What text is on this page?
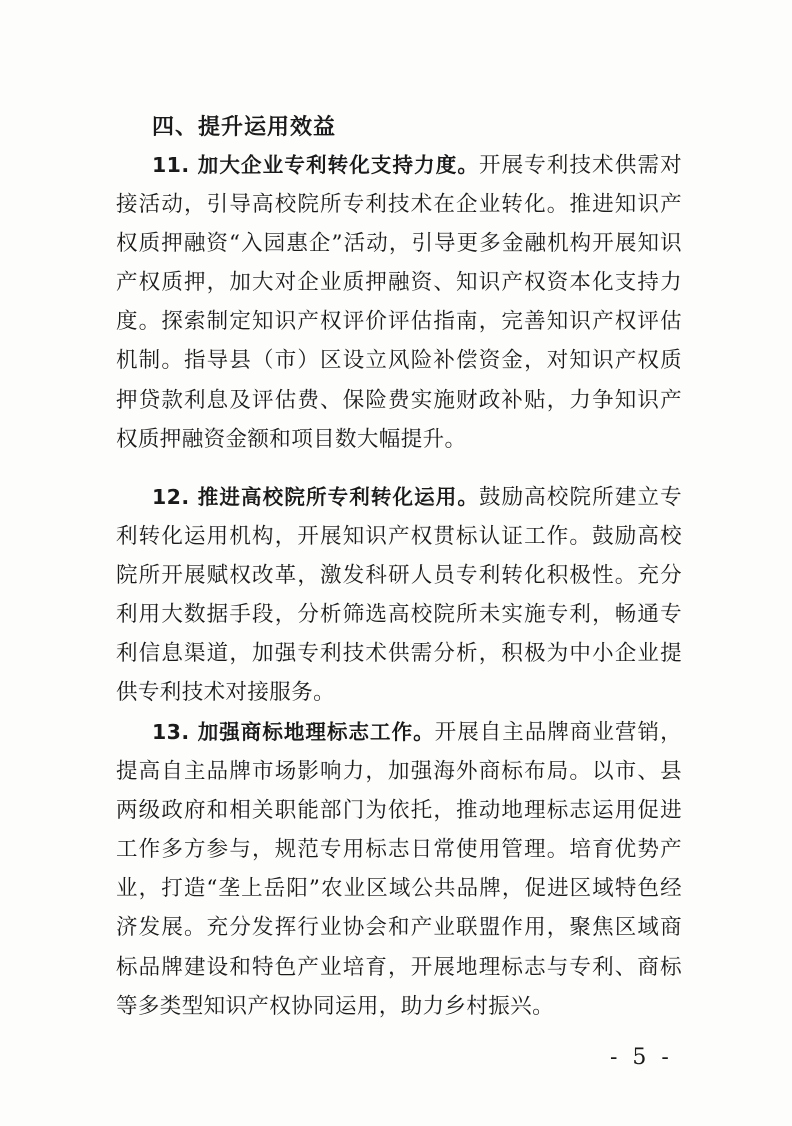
四、提升运用效益
11. 加大企业专利转化支持力度。开展专利技术供需对接活动，引导高校院所专利技术在企业转化。推进知识产权质押融资“入园惠企”活动，引导更多金融机构开展知识产权质押，加大对企业质押融资、知识产权资本化支持力度。探索制定知识产权评价评估指南，完善知识产权评估机制。指导县（市）区设立风险补偿资金，对知识产权质押贷款利息及评估费、保险费实施财政补贴，力争知识产权质押融资金额和项目数大幅提升。
12. 推进高校院所专利转化运用。鼓励高校院所建立专利转化运用机构，开展知识产权贯标认证工作。鼓励高校院所开展赋权改革，激发科研人员专利转化积极性。充分利用大数据手段，分析筛选高校院所未实施专利，畅通专利信息渠道，加强专利技术供需分析，积极为中小企业提供专利技术对接服务。
13. 加强商标地理标志工作。开展自主品牌商业营销，提高自主品牌市场影响力，加强海外商标布局。以市、县两级政府和相关职能部门为依托，推动地理标志运用促进工作多方参与，规范专用标志日常使用管理。培育优势产业，打造“垄上岳阳”农业区域公共品牌，促进区域特色经济发展。充分发挥行业协会和产业联盟作用，聚焦区域商标品牌建设和特色产业培育，开展地理标志与专利、商标等多类型知识产权协同运用，助力乡村振兴。
- 5 -
